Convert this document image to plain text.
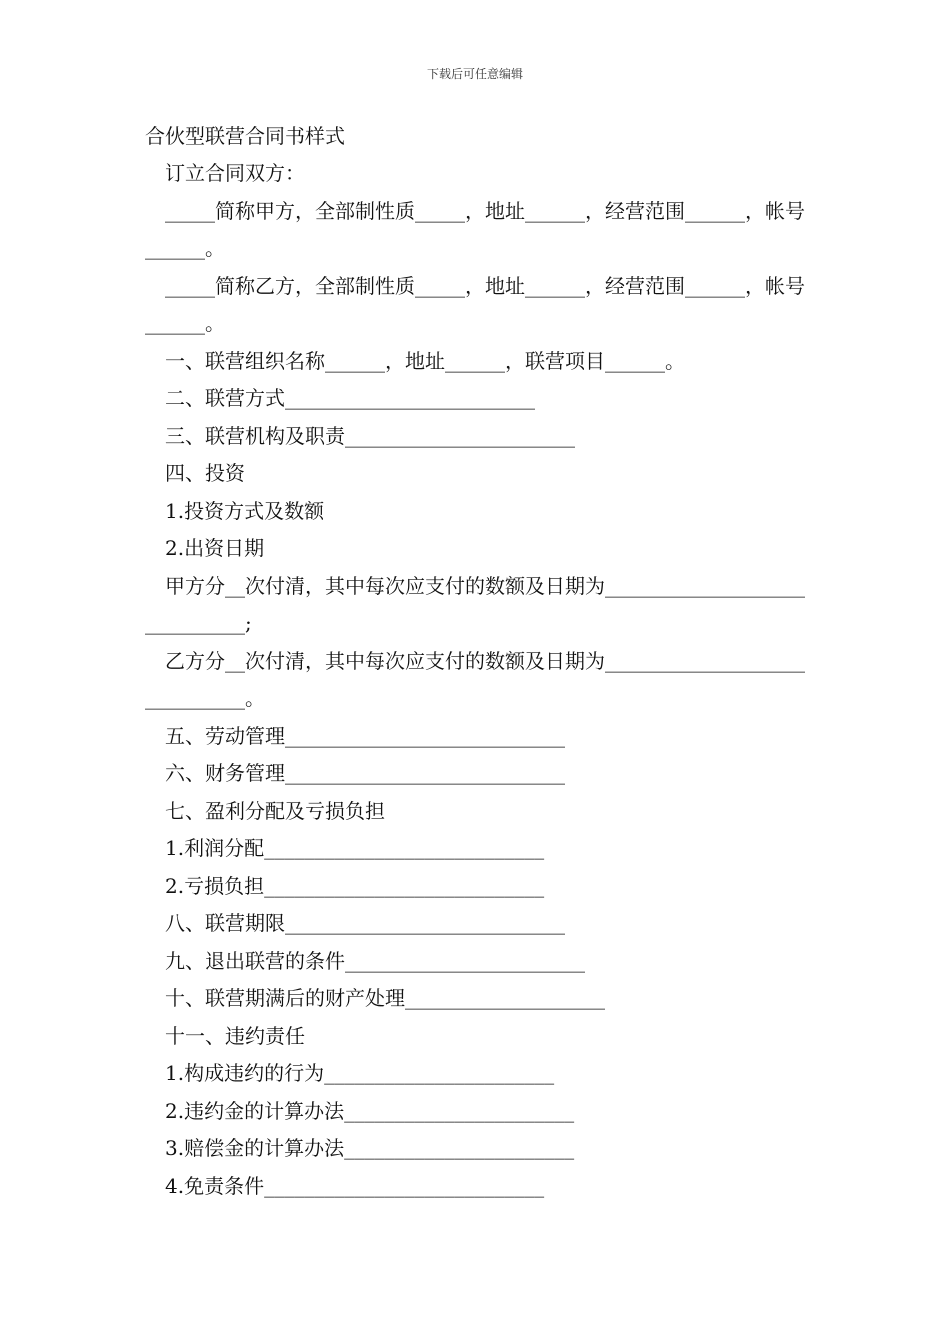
下载后可任意编辑

合伙型联营合同书样式

订立合同双方：

_____简称甲方，全部制性质_____，地址______，经营范围______，帐号______。

_____简称乙方，全部制性质_____，地址______，经营范围______，帐号______。

一、联营组织名称______，地址______，联营项目______。

二、联营方式_________________________

三、联营机构及职责_______________________

四、投资

1.投资方式及数额

2.出资日期

甲方分__次付清，其中每次应支付的数额及日期为______________________________;

乙方分__次付清，其中每次应支付的数额及日期为______________________________。

五、劳动管理____________________________

六、财务管理____________________________

七、盈利分配及亏损负担

1.利润分配____________________________

2.亏损负担____________________________

八、联营期限____________________________

九、退出联营的条件________________________

十、联营期满后的财产处理____________________

十一、违约责任

1.构成违约的行为_______________________

2.违约金的计算办法_______________________

3.赔偿金的计算办法_______________________

4.免责条件____________________________
